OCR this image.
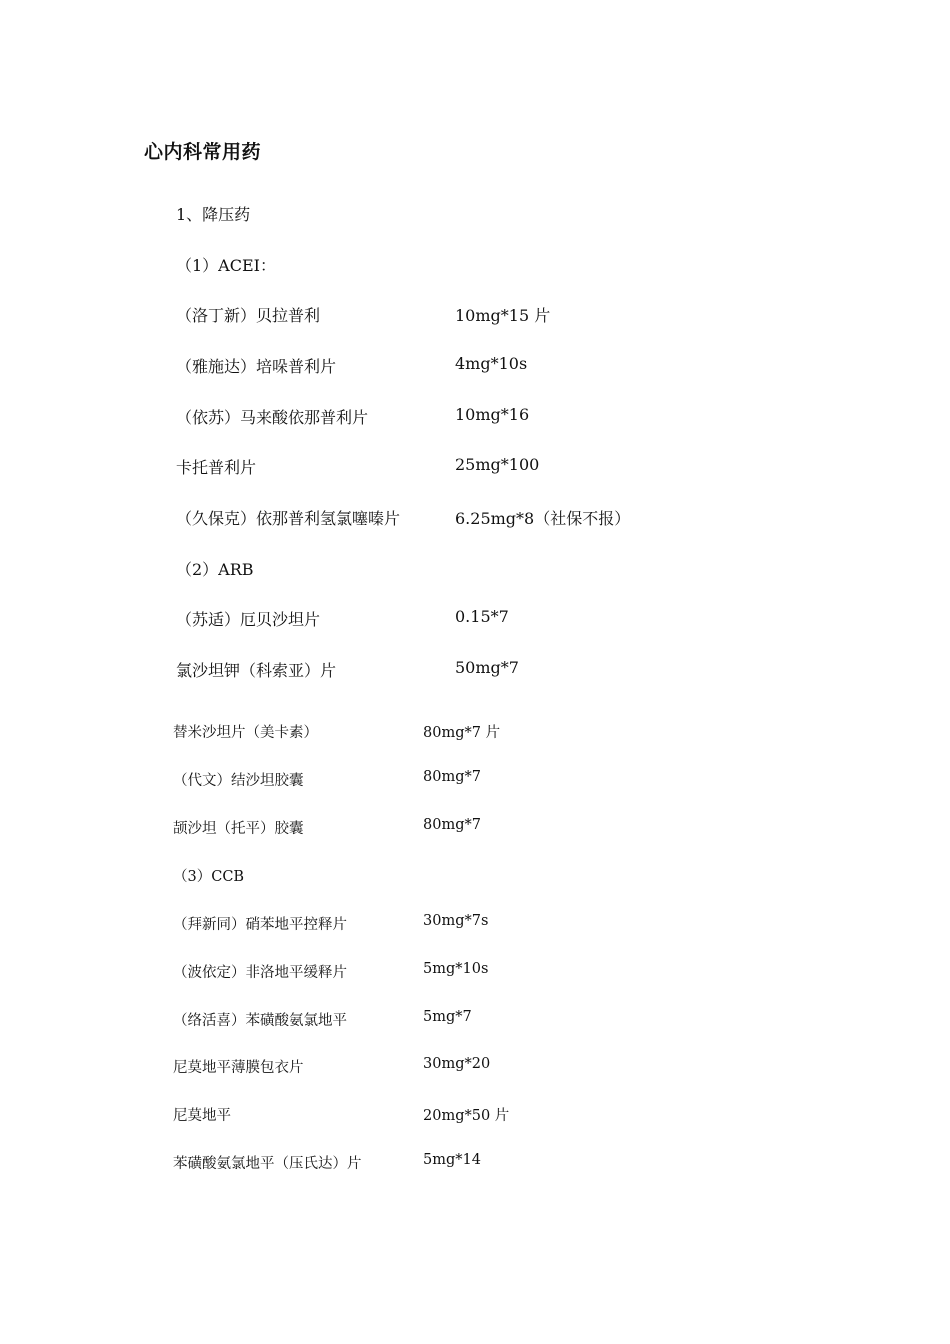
心内科常用药
1、降压药
（1）ACEI：
（洛丁新）贝拉普利	10mg*15 片
（雅施达）培哚普利片	4mg*10s
（依苏）马来酸依那普利片	10mg*16
卡托普利片	25mg*100
（久保克）依那普利氢氯噻嗪片	6.25mg*8（社保不报）
（2）ARB
（苏适）厄贝沙坦片	0.15*7
氯沙坦钾（科索亚）片	50mg*7
替米沙坦片（美卡素）	80mg*7 片
（代文）结沙坦胶囊	80mg*7
颉沙坦（托平）胶囊	80mg*7
（3）CCB
（拜新同）硝苯地平控释片	30mg*7s
（波依定）非洛地平缓释片	5mg*10s
（络活喜）苯磺酸氨氯地平	5mg*7
尼莫地平薄膜包衣片	30mg*20
尼莫地平	20mg*50 片
苯磺酸氨氯地平（压氏达）片	5mg*14
